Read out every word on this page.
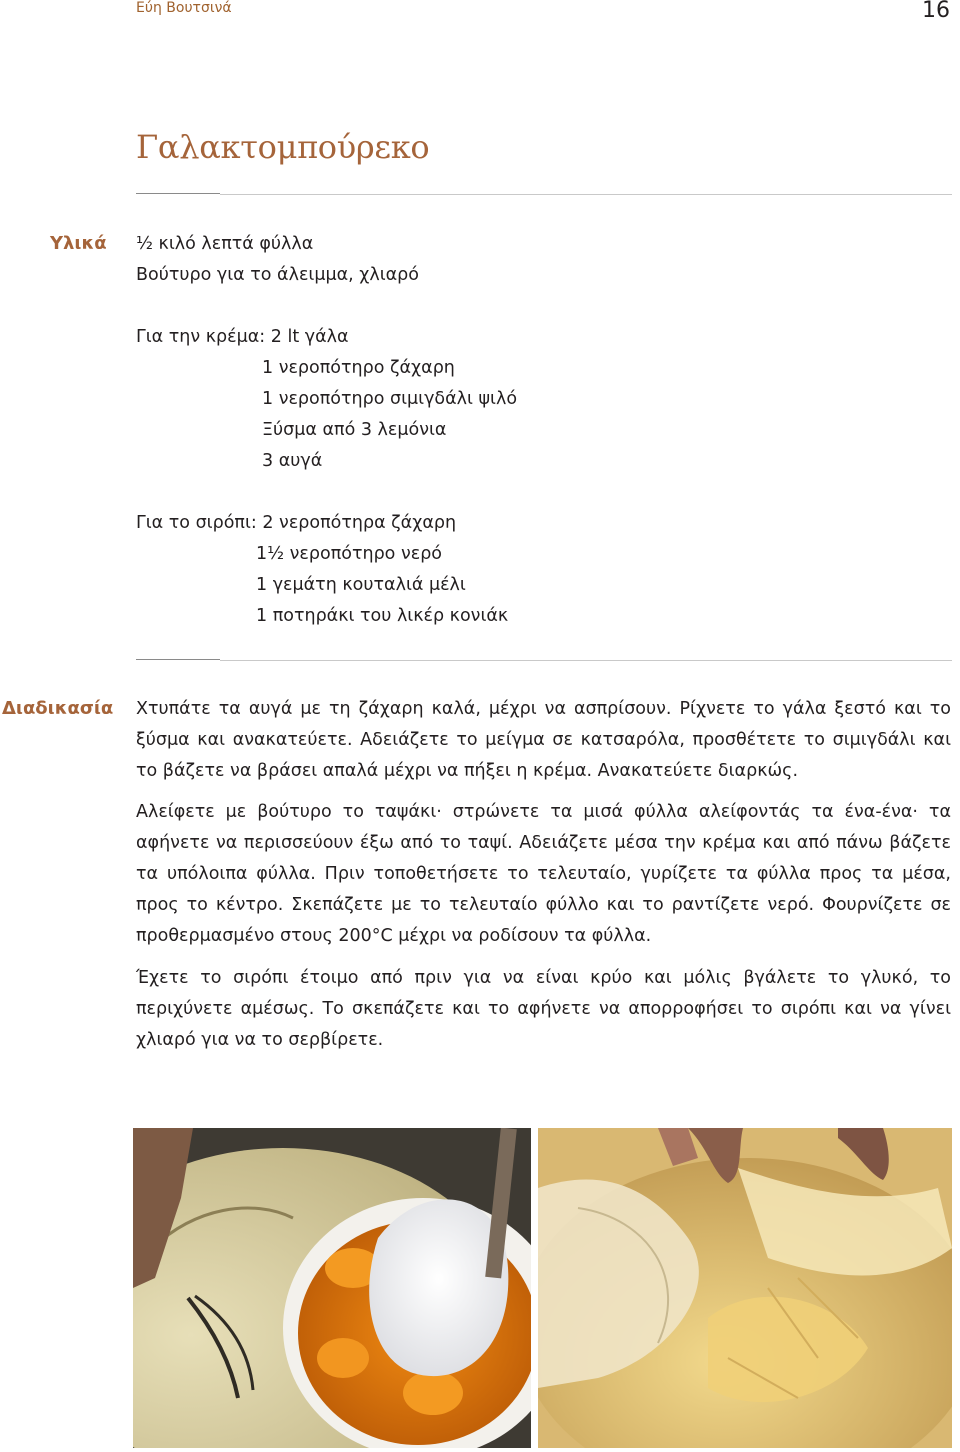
Εύη Βουτσινά	16
Γαλακτομπούρεκο
Υλικά ½ κιλό λεπτά φύλλα
Βούτυρο για το άλειμμα, χλιαρό
Για την κρέμα: 2 lt γάλα
1 νεροπότηρο ζάχαρη
1 νεροπότηρο σιμιγδάλι ψιλό
Ξύσμα από 3 λεμόνια
3 αυγά
Για το σιρόπι: 2 νεροπότηρα ζάχαρη
1½ νεροπότηρο νερό
1 γεμάτη κουταλιά μέλι
1 ποτηράκι του λικέρ κονιάκ
Διαδικασία Χτυπάτε τα αυγά με τη ζάχαρη καλά, μέχρι να ασπρίσουν. Ρίχνετε το γάλα ξεστό και το ξύσμα και ανακατεύετε. Αδειάζετε το μείγμα σε κατσαρόλα, προσθέτετε το σιμιγδάλι και το βάζετε να βράσει απαλά μέχρι να πήξει η κρέμα. Ανακατεύετε διαρκώς.
Αλείφετε με βούτυρο το ταψάκι· στρώνετε τα μισά φύλλα αλείφοντάς τα ένα-ένα· τα αφήνετε να περισσεύουν έξω από το ταψί. Αδειάζετε μέσα την κρέμα και από πάνω βάζετε τα υπόλοιπα φύλλα. Πριν τοποθετήσετε το τελευταίο, γυρίζετε τα φύλλα προς τα μέσα, προς το κέντρο. Σκεπάζετε με το τελευταίο φύλλο και το ραντίζετε νερό. Φουρνίζετε σε προθερμασμένο στους 200°C μέχρι να ροδίσουν τα φύλλα.
Έχετε το σιρόπι έτοιμο από πριν για να είναι κρύο και μόλις βγάλετε το γλυκό, το περιχύνετε αμέσως. Το σκεπάζετε και το αφήνετε να απορροφήσει το σιρόπι και να γίνει χλιαρό για να το σερβίρετε.
